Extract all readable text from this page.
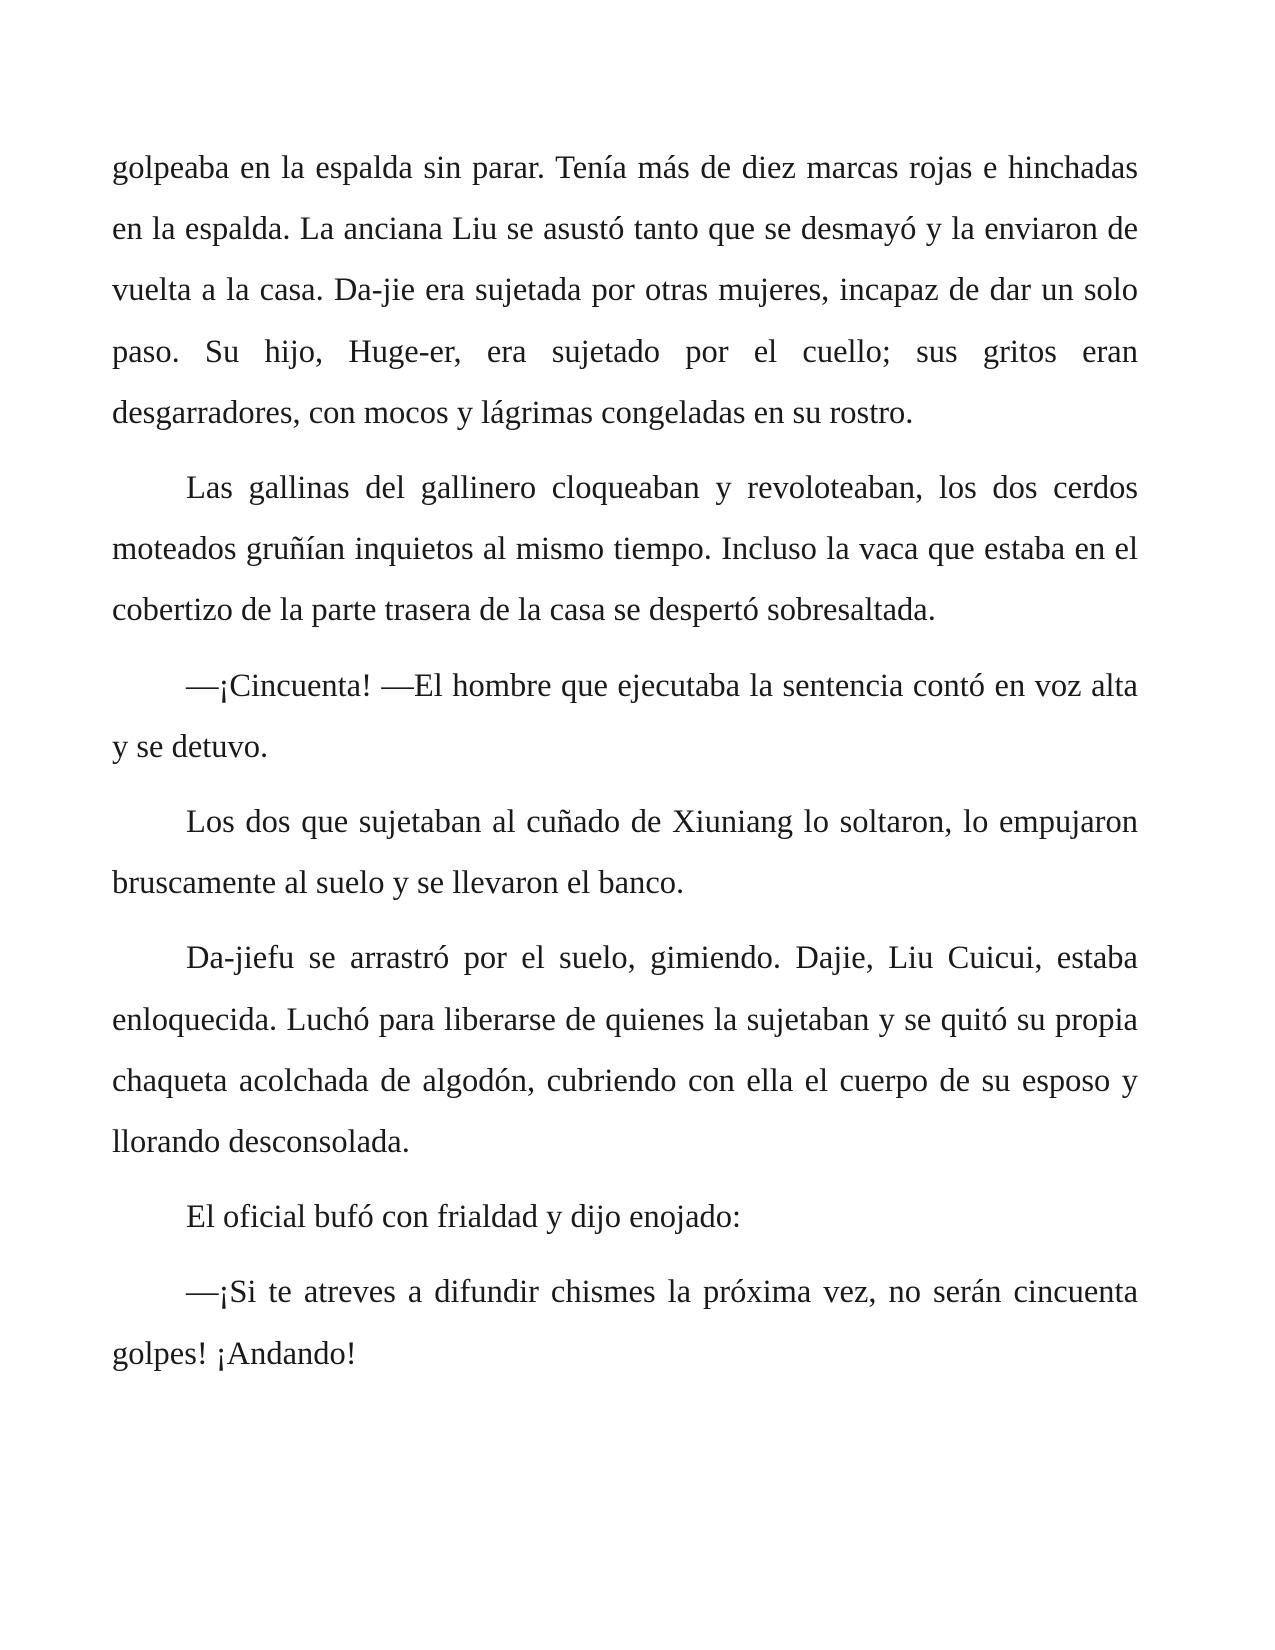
golpeaba en la espalda sin parar. Tenía más de diez marcas rojas e hinchadas en la espalda. La anciana Liu se asustó tanto que se desmayó y la enviaron de vuelta a la casa. Da-jie era sujetada por otras mujeres, incapaz de dar un solo paso. Su hijo, Huge-er, era sujetado por el cuello; sus gritos eran desgarradores, con mocos y lágrimas congeladas en su rostro.

Las gallinas del gallinero cloqueaban y revoloteaban, los dos cerdos moteados gruñían inquietos al mismo tiempo. Incluso la vaca que estaba en el cobertizo de la parte trasera de la casa se despertó sobresaltada.

—¡Cincuenta! —El hombre que ejecutaba la sentencia contó en voz alta y se detuvo.

Los dos que sujetaban al cuñado de Xiuniang lo soltaron, lo empujaron bruscamente al suelo y se llevaron el banco.

Da-jiefu se arrastró por el suelo, gimiendo. Dajie, Liu Cuicui, estaba enloquecida. Luchó para liberarse de quienes la sujetaban y se quitó su propia chaqueta acolchada de algodón, cubriendo con ella el cuerpo de su esposo y llorando desconsolada.

El oficial bufó con frialdad y dijo enojado:

—¡Si te atreves a difundir chismes la próxima vez, no serán cincuenta golpes! ¡Andando!
